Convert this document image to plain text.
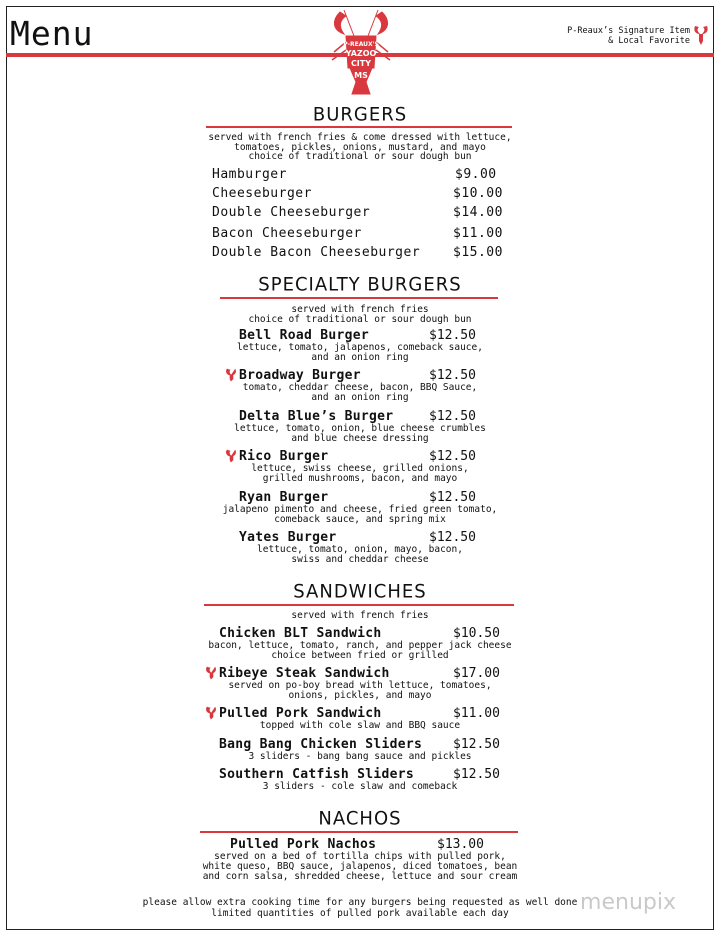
Menu	P-REAUX'S
YAZOO
CITY
MS
P-Reaux’s Signature Item
& Local Favorite
BURGERS
served with french fries & come dressed with lettuce,
tomatoes, pickles, onions, mustard, and mayo
choice of traditional or sour dough bun
Hamburger	$9.00
Cheeseburger	$10.00
Double Cheeseburger	$14.00
Bacon Cheeseburger	$11.00
Double Bacon Cheeseburger	$15.00
SPECIALTY BURGERS
served with french fries
choice of traditional or sour dough bun
Bell Road Burger	$12.50
lettuce, tomato, jalapenos, comeback sauce,
and an onion ring
Broadway Burger	$12.50
tomato, cheddar cheese, bacon, BBQ Sauce,
and an onion ring
Delta Blue’s Burger	$12.50
lettuce, tomato, onion, blue cheese crumbles
and blue cheese dressing
Rico Burger	$12.50
lettuce, swiss cheese, grilled onions,
grilled mushrooms, bacon, and mayo
Ryan Burger	$12.50
jalapeno pimento and cheese, fried green tomato,
comeback sauce, and spring mix
Yates Burger	$12.50
lettuce, tomato, onion, mayo, bacon,
swiss and cheddar cheese
SANDWICHES
served with french fries
Chicken BLT Sandwich	$10.50
bacon, lettuce, tomato, ranch, and pepper jack cheese
choice between fried or grilled
Ribeye Steak Sandwich	$17.00
served on po-boy bread with lettuce, tomatoes,
onions, pickles, and mayo
Pulled Pork Sandwich	$11.00
topped with cole slaw and BBQ sauce
Bang Bang Chicken Sliders $12.50
3 sliders - bang bang sauce and pickles
Southern Catfish Sliders	$12.50
3 sliders - cole slaw and comeback
NACHOS
Pulled Pork Nachos	$13.00
served on a bed of tortilla chips with pulled pork,
white queso, BBQ sauce, jalapenos, diced tomatoes, bean
and corn salsa, shredded cheese, lettuce and sour cream
please allow extra cooking time for any burgers being requested as well done
limited quantities of pulled pork available each day	menupix
